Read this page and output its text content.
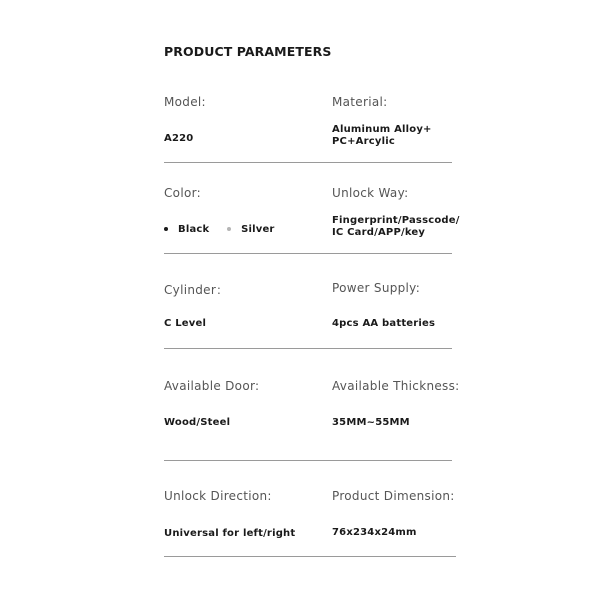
PRODUCT PARAMETERS
Model:
A220
Material:
Aluminum Alloy+
PC+Arcylic
Color:
Black
	Silver
Unlock Way:
Fingerprint/Passcode/
IC Card/APP/key
Cylinder：
C Level
Power Supply:
4pcs AA batteries
Available Door:
Wood/Steel
Available Thickness:
35MM~55MM
Unlock Direction:
Universal for left/right
Product Dimension:
76x234x24mm
